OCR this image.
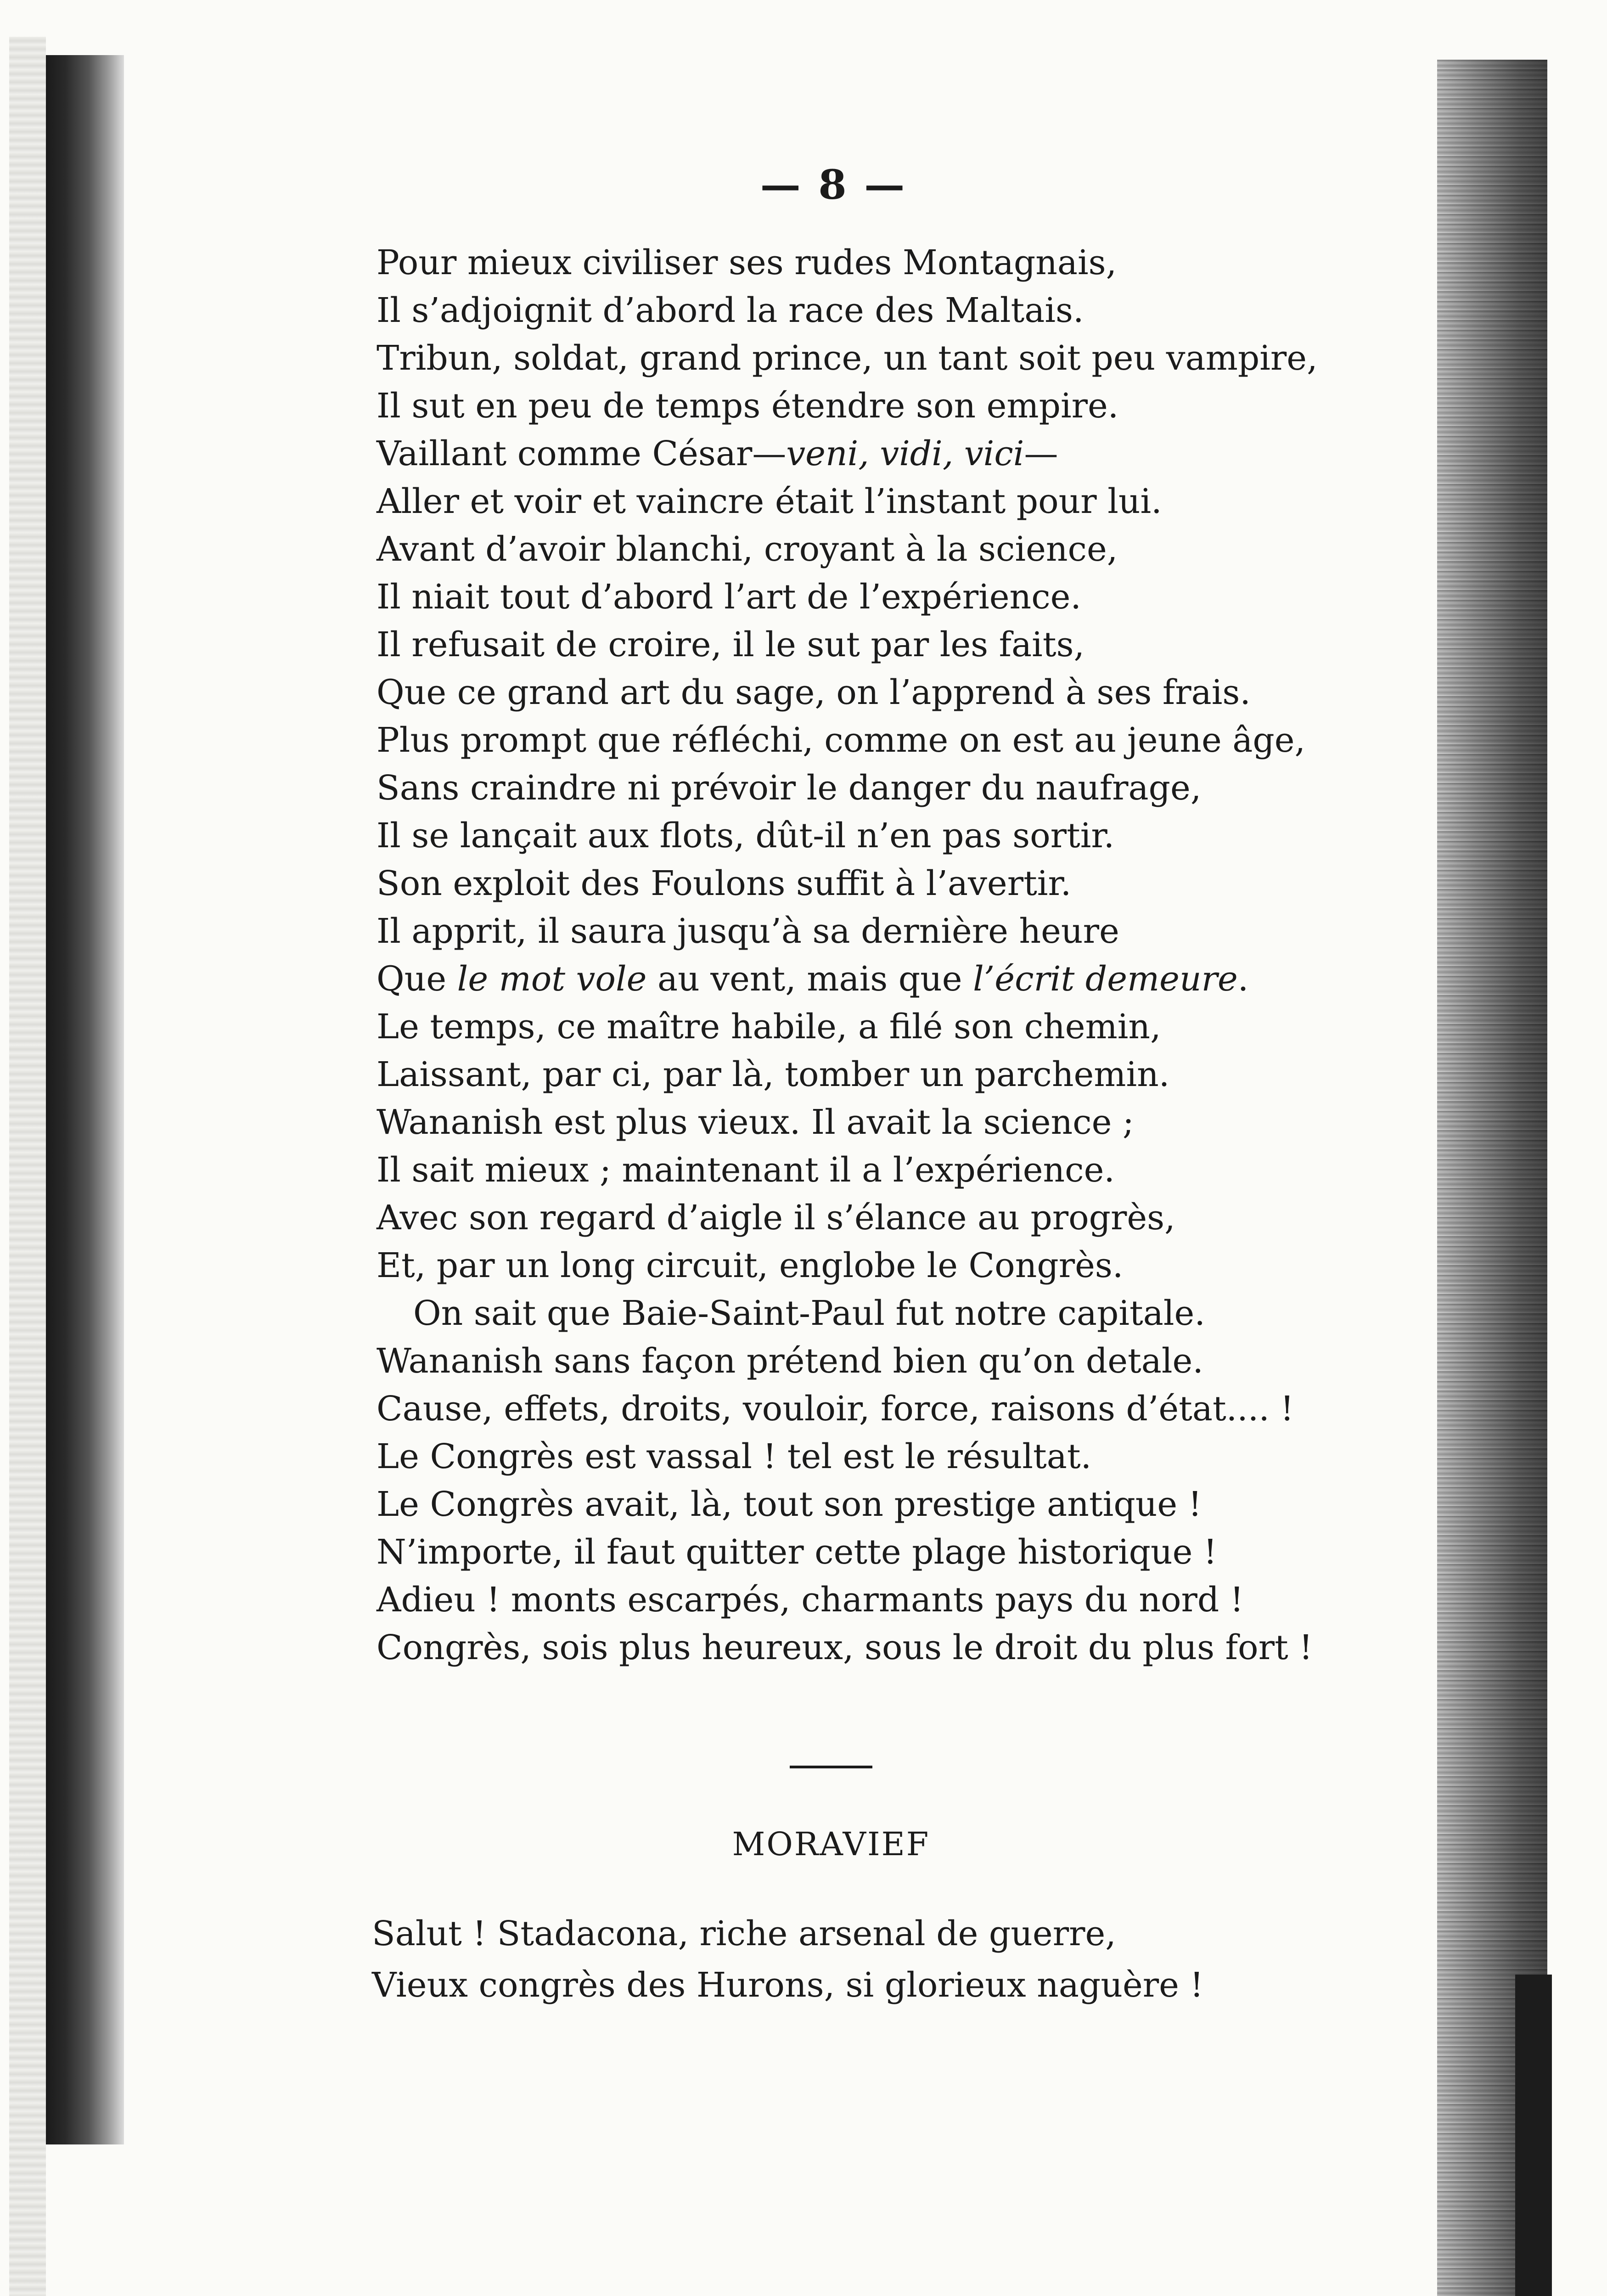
— 8 —
Pour mieux civiliser ses rudes Montagnais,
Il s’adjoignit d’abord la race des Maltais.
Tribun, soldat, grand prince, un tant soit peu vampire,
Il sut en peu de temps étendre son empire.
Vaillant comme César—veni, vidi, vici—
Aller et voir et vaincre était l’instant pour lui.
Avant d’avoir blanchi, croyant à la science,
Il niait tout d’abord l’art de l’expérience.
Il refusait de croire, il le sut par les faits,
Que ce grand art du sage, on l’apprend à ses frais.
Plus prompt que réfléchi, comme on est au jeune âge,
Sans craindre ni prévoir le danger du naufrage,
Il se lançait aux flots, dût-il n’en pas sortir.
Son exploit des Foulons suffit à l’avertir.
Il apprit, il saura jusqu’à sa dernière heure
Que le mot vole au vent, mais que l’écrit demeure.
Le temps, ce maître habile, a filé son chemin,
Laissant, par ci, par là, tomber un parchemin.
Wananish est plus vieux. Il avait la science ;
Il sait mieux ; maintenant il a l’expérience.
Avec son regard d’aigle il s’élance au progrès,
Et, par un long circuit, englobe le Congrès.
On sait que Baie-Saint-Paul fut notre capitale.
Wananish sans façon prétend bien qu’on detale.
Cause, effets, droits, vouloir, force, raisons d’état.... !
Le Congrès est vassal ! tel est le résultat.
Le Congrès avait, là, tout son prestige antique !
N’importe, il faut quitter cette plage historique !
Adieu ! monts escarpés, charmants pays du nord !
Congrès, sois plus heureux, sous le droit du plus fort !
MORAVIEF
Salut ! Stadaconа, riche arsenal de guerre,
Vieux congrès des Hurons, si glorieux naguère !
